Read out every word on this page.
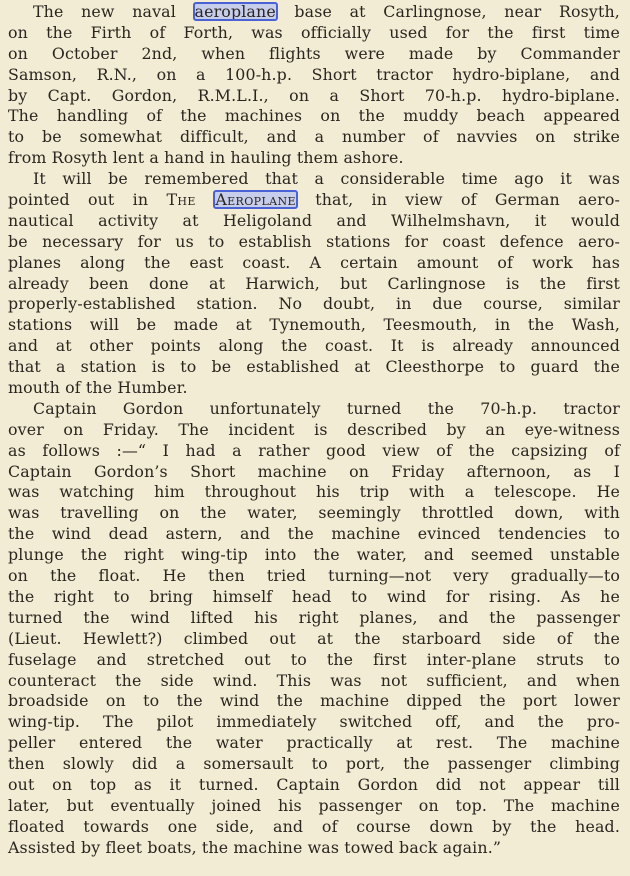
The new naval aeroplane base at Carlingnose, near Rosyth,
on the Firth of Forth, was officially used for the first time
on October 2nd, when flights were made by Commander
Samson, R.N., on a 100-h.p. Short tractor hydro-biplane, and
by Capt. Gordon, R.M.L.I., on a Short 70-h.p. hydro-biplane.
The handling of the machines on the muddy beach appeared
to be somewhat difficult, and a number of navvies on strike
from Rosyth lent a hand in hauling them ashore.
It will be remembered that a considerable time ago it was
pointed out in The Aeroplane that, in view of German aero-
nautical activity at Heligoland and Wilhelmshavn, it would
be necessary for us to establish stations for coast defence aero-
planes along the east coast. A certain amount of work has
already been done at Harwich, but Carlingnose is the first
properly-established station. No doubt, in due course, similar
stations will be made at Tynemouth, Teesmouth, in the Wash,
and at other points along the coast. It is already announced
that a station is to be established at Cleesthorpe to guard the
mouth of the Humber.
Captain Gordon unfortunately turned the 70-h.p. tractor
over on Friday. The incident is described by an eye-witness
as follows :—“ I had a rather good view of the capsizing of
Captain Gordon’s Short machine on Friday afternoon, as I
was watching him throughout his trip with a telescope. He
was travelling on the water, seemingly throttled down, with
the wind dead astern, and the machine evinced tendencies to
plunge the right wing-tip into the water, and seemed unstable
on the float. He then tried turning—not very gradually—to
the right to bring himself head to wind for rising. As he
turned the wind lifted his right planes, and the passenger
(Lieut. Hewlett?) climbed out at the starboard side of the
fuselage and stretched out to the first inter-plane struts to
counteract the side wind. This was not sufficient, and when
broadside on to the wind the machine dipped the port lower
wing-tip. The pilot immediately switched off, and the pro-
peller entered the water practically at rest. The machine
then slowly did a somersault to port, the passenger climbing
out on top as it turned. Captain Gordon did not appear till
later, but eventually joined his passenger on top. The machine
floated towards one side, and of course down by the head.
Assisted by fleet boats, the machine was towed back again.”
